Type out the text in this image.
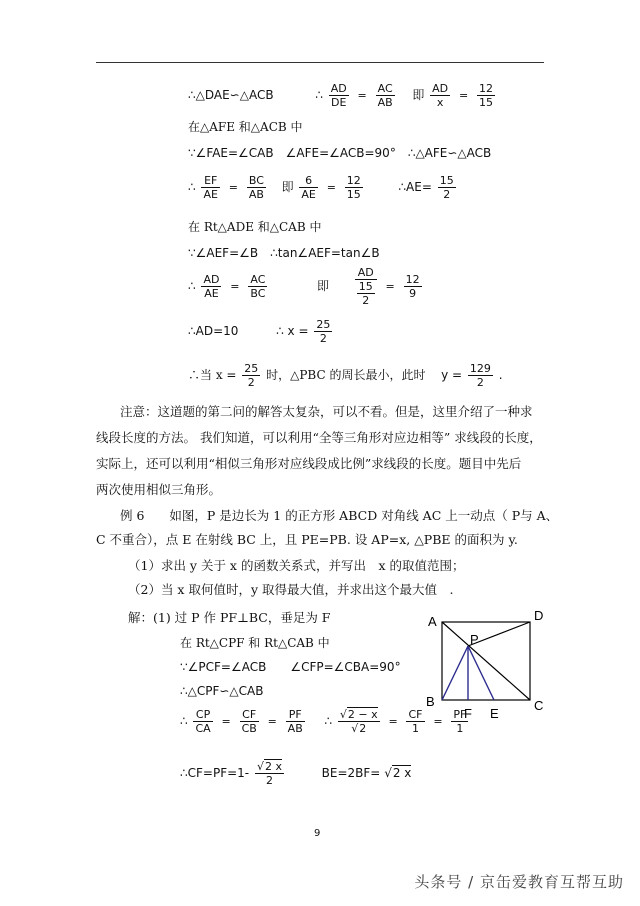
∴△DAE∽△ACB	∴ $\frac{AD}{DE} = \frac{AC}{AB}$ 即 $\frac{AD}{x} = \frac{12}{15}$
在△AFE 和△ACB 中
∵∠FAE=∠CAB　∠AFE=∠ACB=90°　∴△AFE∽△ACB
∴ $\frac{EF}{AE} = \frac{BC}{AB}$ 即 $\frac{6}{AE} = \frac{12}{15}$	∴AE= $\frac{15}{2}$
在 Rt△ADE 和△CAB 中
∵∠AEF=∠B　∴tan∠AEF=tan∠B
∴ $\frac{AD}{AE} = \frac{AC}{BC}$	即 $\frac{AD}{\frac{15}{2}} = \frac{12}{9}$
∴AD=10	∴ $x = \frac{25}{2}$
∴当 $x = \frac{25}{2}$ 时，△PBC 的周长最小，此时 $y = \frac{129}{2}$ .
注意：这道题的第二问的解答太复杂，可以不看。但是，这里介绍了一种求
线段长度的方法。 我们知道，可以利用“全等三角形对应边相等” 求线段的长度，
实际上，还可以利用“相似三角形对应线段成比例”求线段的长度。题目中先后
两次使用相似三角形。
例 6　　如图，P 是边长为 1 的正方形 ABCD 对角线 AC 上一动点（ P与 A、
C 不重合），点 E 在射线 BC 上，且 PE=PB. 设 AP=x, △PBE 的面积为 y.
（1）求出 y 关于 x 的函数关系式，并写出　x 的取值范围；
（2）当 x 取何值时，y 取得最大值，并求出这个最大值　.
解：(1) 过 P 作 PF⊥BC，垂足为 F
在 Rt△CPF 和 Rt△CAB 中
∵∠PCF=∠ACB　　∠CFP=∠CBA=90°
∴△CPF∽△CAB
∴ $\frac{CP}{CA} = \frac{CF}{CB} = \frac{PF}{AB}$ ∴ $\frac{√2 - x}{√2} = \frac{CF}{1} = \frac{PF}{1}$
∴CF=PF=1- $\frac{√2 x}{2}$	BE=2BF= √2 x
A	D
P
B	C
F E
9
头条号 / 京缶爱教育互帮互助
